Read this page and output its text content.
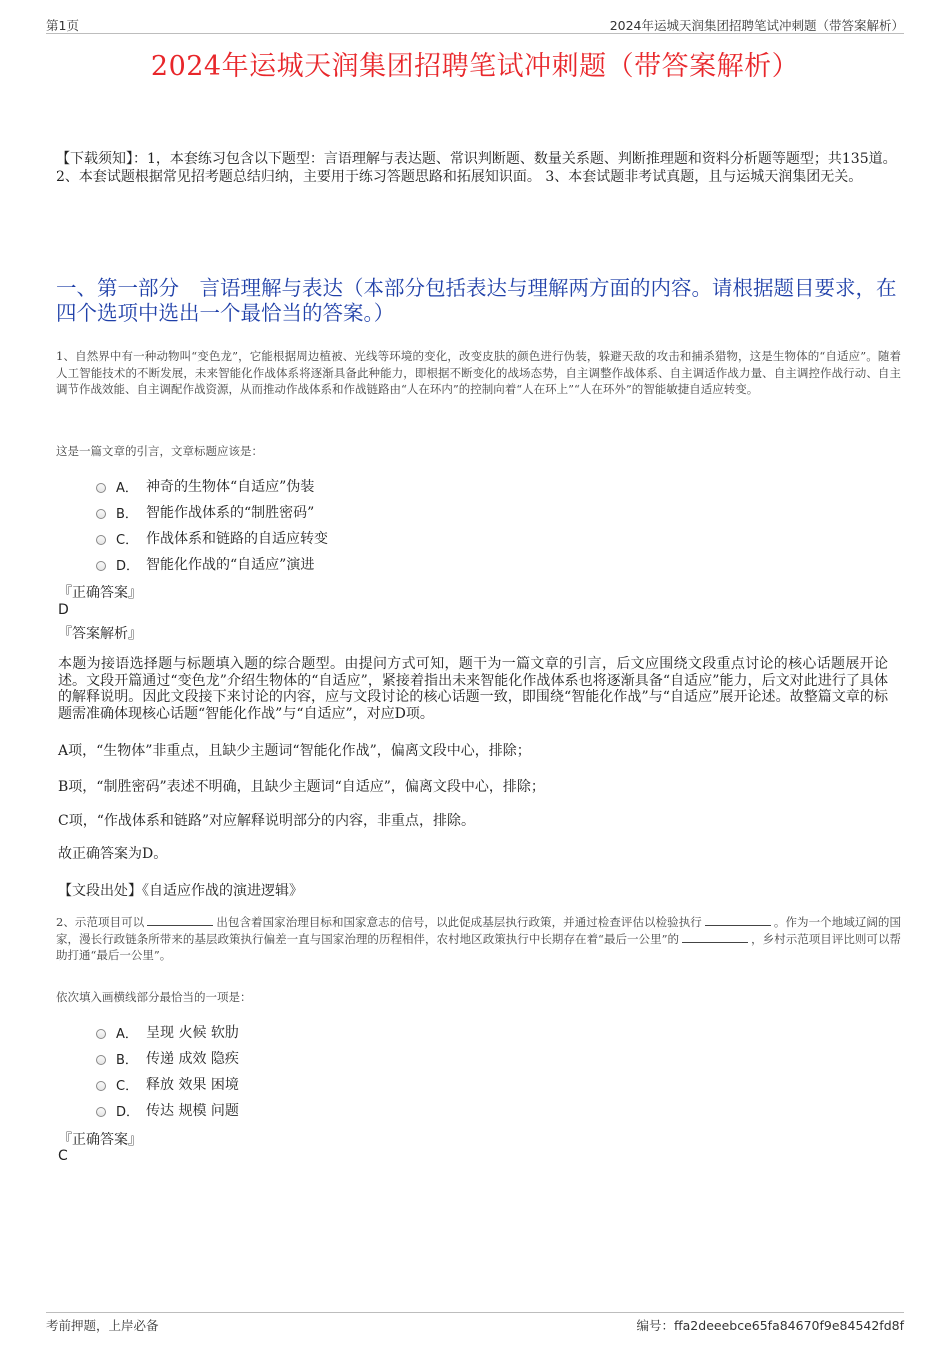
第1页	2024年运城天润集团招聘笔试冲刺题（带答案解析）
2024年运城天润集团招聘笔试冲刺题（带答案解析）
【下载须知】：1，本套练习包含以下题型：言语理解与表达题、常识判断题、数量关系题、判断推理题和资料分析题等题型；共135道。 2、本套试题根据常见招考题总结归纳，主要用于练习答题思路和拓展知识面。 3、本套试题非考试真题，且与运城天润集团无关。
一、第一部分　言语理解与表达（本部分包括表达与理解两方面的内容。请根据题目要求，在四个选项中选出一个最恰当的答案。）
1、自然界中有一种动物叫“变色龙”，它能根据周边植被、光线等环境的变化，改变皮肤的颜色进行伪装，躲避天敌的攻击和捕杀猎物，这是生物体的“自适应”。随着人工智能技术的不断发展，未来智能化作战体系将逐渐具备此种能力，即根据不断变化的战场态势，自主调整作战体系、自主调适作战力量、自主调控作战行动、自主调节作战效能、自主调配作战资源，从而推动作战体系和作战链路由“人在环内”的控制向着“人在环上”“人在环外”的智能敏捷自适应转变。
这是一篇文章的引言，文章标题应该是：
A． 神奇的生物体“自适应”伪装
B． 智能作战体系的“制胜密码”
C． 作战体系和链路的自适应转变
D． 智能化作战的“自适应”演进
『正确答案』
D
『答案解析』
本题为接语选择题与标题填入题的综合题型。由提问方式可知，题干为一篇文章的引言，后文应围绕文段重点讨论的核心话题展开论述。文段开篇通过“变色龙”介绍生物体的“自适应”，紧接着指出未来智能化作战体系也将逐渐具备“自适应”能力，后文对此进行了具体的解释说明。因此文段接下来讨论的内容，应与文段讨论的核心话题一致，即围绕“智能化作战”与“自适应”展开论述。故整篇文章的标题需准确体现核心话题“智能化作战”与“自适应”，对应D项。
A项，“生物体”非重点，且缺少主题词“智能化作战”，偏离文段中心，排除；
B项，“制胜密码”表述不明确，且缺少主题词“自适应”，偏离文段中心，排除；
C项，“作战体系和链路”对应解释说明部分的内容，非重点，排除。
故正确答案为D。
【文段出处】《自适应作战的演进逻辑》
2、示范项目可以	出包含着国家治理目标和国家意志的信号，以此促成基层执行政策，并通过检查评估以检验执行	。作为一个地域辽阔的国家，漫长行政链条所带来的基层政策执行偏差一直与国家治理的历程相伴，农村地区政策执行中长期存在着“最后一公里”的	，乡村示范项目评比则可以帮助打通“最后一公里”。
依次填入画横线部分最恰当的一项是：
A． 呈现 火候 软肋
B． 传递 成效 隐疾
C． 释放 效果 困境
D． 传达 规模 问题
『正确答案』
C
考前押题，上岸必备	编号：ffa2deeebce65fa84670f9e84542fd8f
